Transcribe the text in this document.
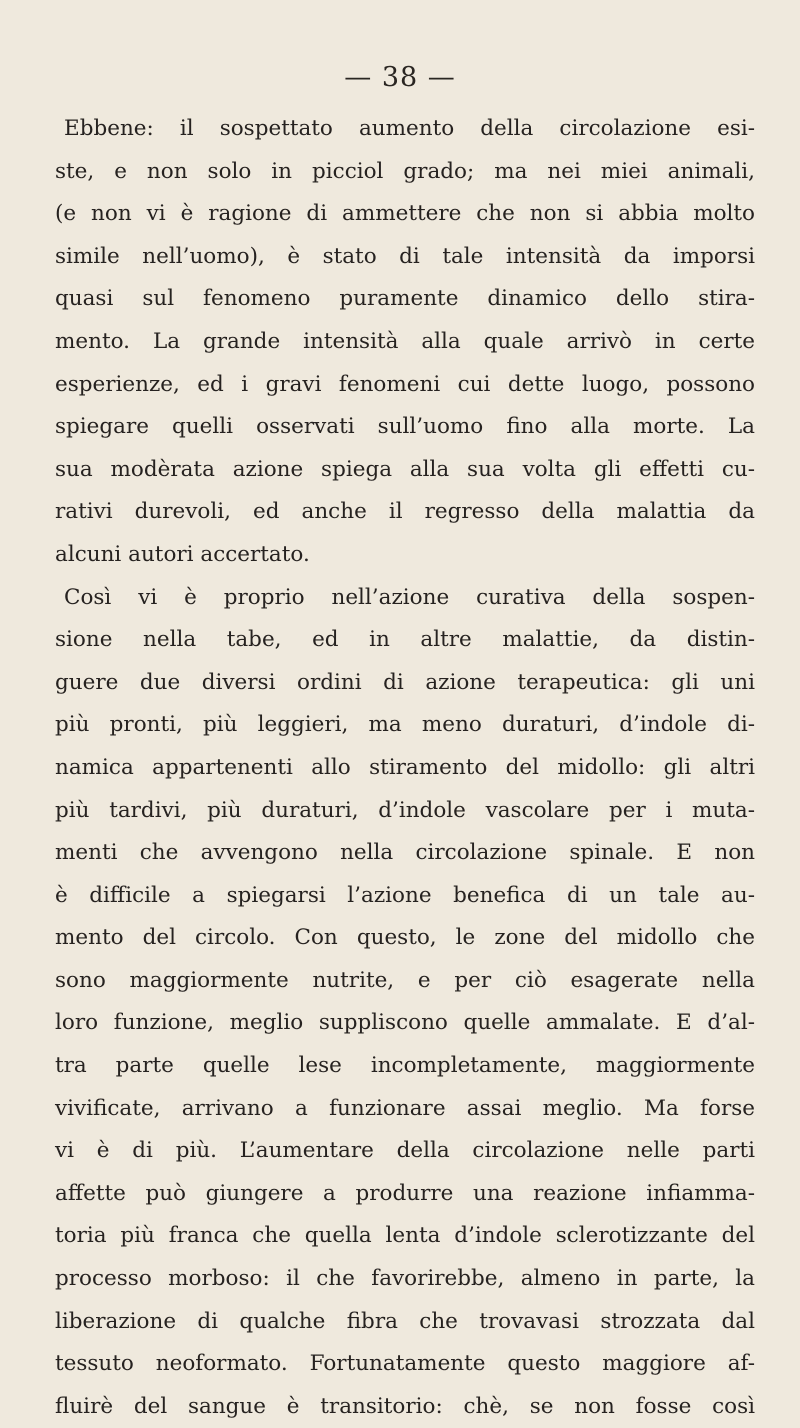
— 38 —
Ebbene: il sospettato aumento della circolazione esi-
ste, e non solo in picciol grado; ma nei miei animali,
(e non vi è ragione di ammettere che non si abbia molto
simile nell’uomo), è stato di tale intensità da imporsi
quasi sul fenomeno puramente dinamico dello stira-
mento. La grande intensità alla quale arrivò in certe
esperienze, ed i gravi fenomeni cui dette luogo, possono
spiegare quelli osservati sull’uomo fino alla morte. La
sua modèrata azione spiega alla sua volta gli effetti cu-
rativi durevoli, ed anche il regresso della malattia da
alcuni autori accertato.
Così vi è proprio nell’azione curativa della sospen-
sione nella tabe, ed in altre malattie, da distin-
guere due diversi ordini di azione terapeutica: gli uni
più pronti, più leggieri, ma meno duraturi, d’indole di-
namica appartenenti allo stiramento del midollo: gli altri
più tardivi, più duraturi, d’indole vascolare per i muta-
menti che avvengono nella circolazione spinale. E non
è difficile a spiegarsi l’azione benefica di un tale au-
mento del circolo. Con questo, le zone del midollo che
sono maggiormente nutrite, e per ciò esagerate nella
loro funzione, meglio suppliscono quelle ammalate. E d’al-
tra parte quelle lese incompletamente, maggiormente
vivificate, arrivano a funzionare assai meglio. Ma forse
vi è di più. L’aumentare della circolazione nelle parti
affette può giungere a produrre una reazione infiamma-
toria più franca che quella lenta d’indole sclerotizzante del
processo morboso: il che favorirebbe, almeno in parte, la
liberazione di qualche fibra che trovavasi strozzata dal
tessuto neoformato. Fortunatamente questo maggiore af-
fluirè del sangue è transitorio: chè, se non fosse così
